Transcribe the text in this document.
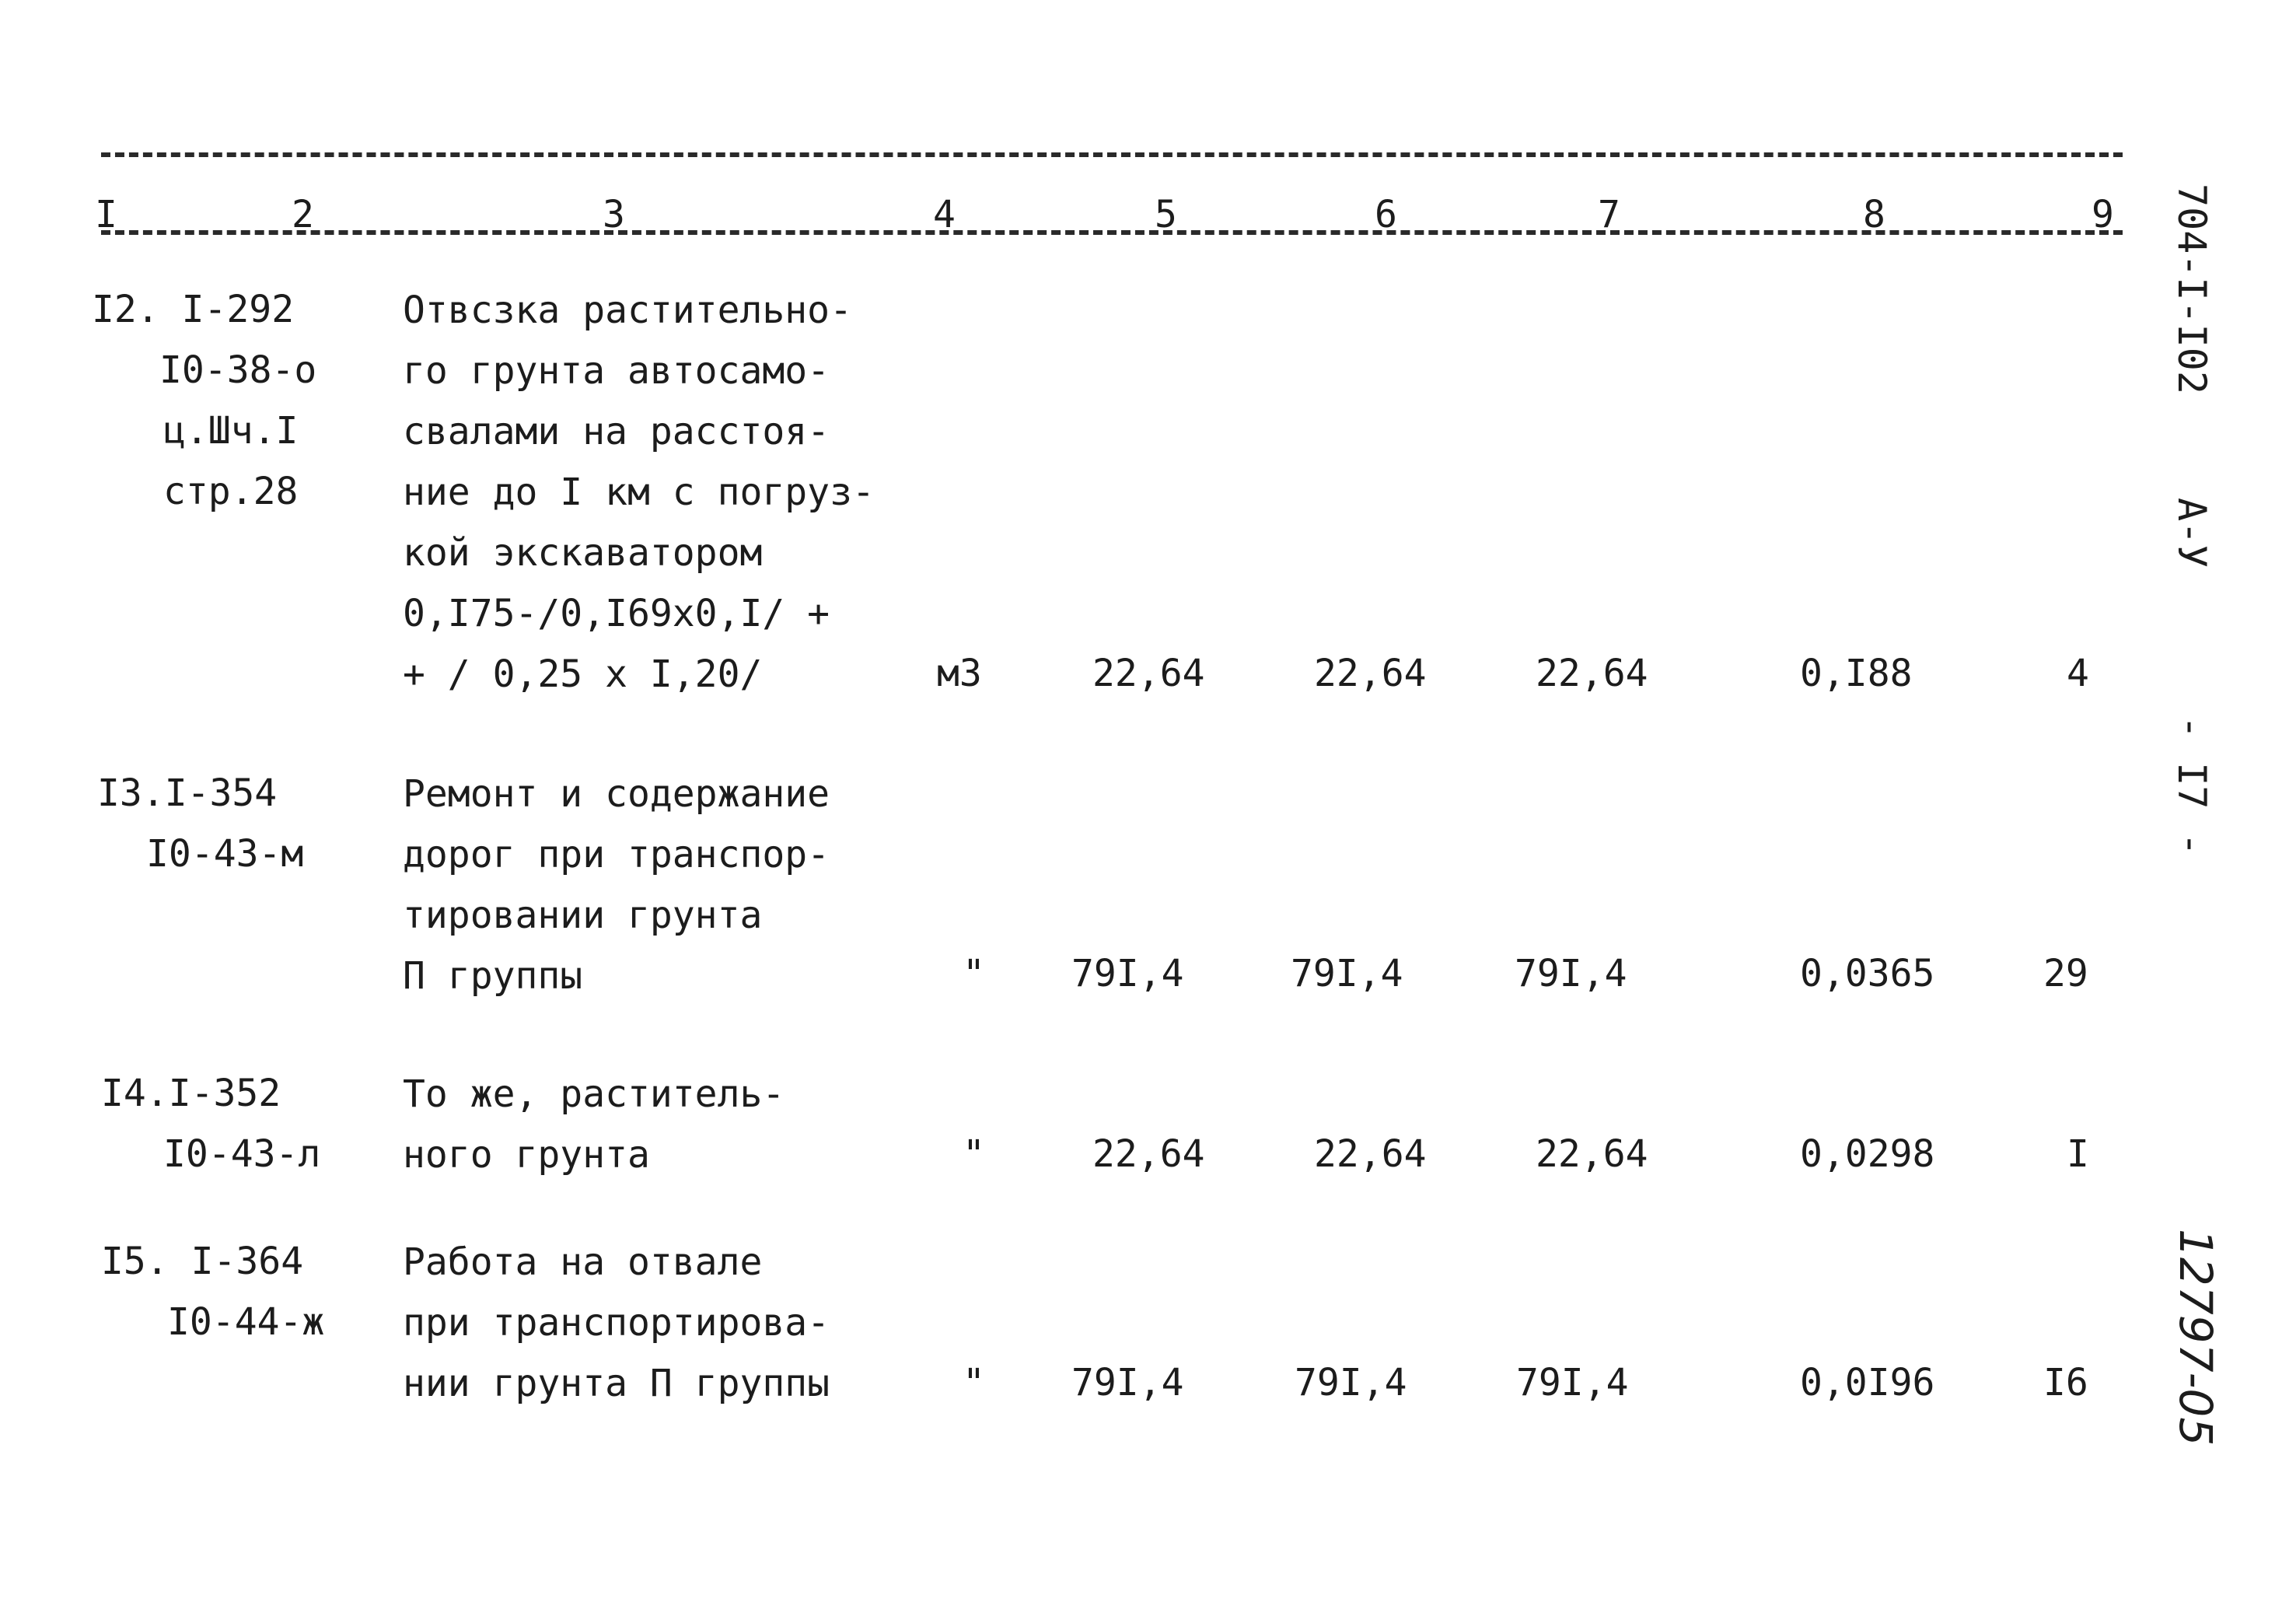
I	2	3	4	5	6	7	8	9
I2. I-292
I0-38-о
ц.Шч.I
стр.28
Отвсзка растительно-
го грунта автосамо-
свалами на расстоя-
ние до I км с погруз-
кой экскаватором
0,I75-/0,I69х0,I/ +
+ / 0,25 х I,20/	м3	22,64	22,64	22,64	0,I88	4
I3.I-354
I0-43-м
Ремонт и содержание
дорог при транспор-
тировании грунта
П группы	" 79I,4	79I,4	79I,4	0,0365	29
I4.I-352
I0-43-л
То же, раститель-
ного грунта	"	22,64	22,64	22,64	0,0298	I
I5. I-364
I0-44-ж
Работа на отвале
при транспортирова-
нии грунта П группы	" 79I,4	79I,4	79I,4	0,0I96	I6
704-I-I02
А-У
- I7 -
12797-05
